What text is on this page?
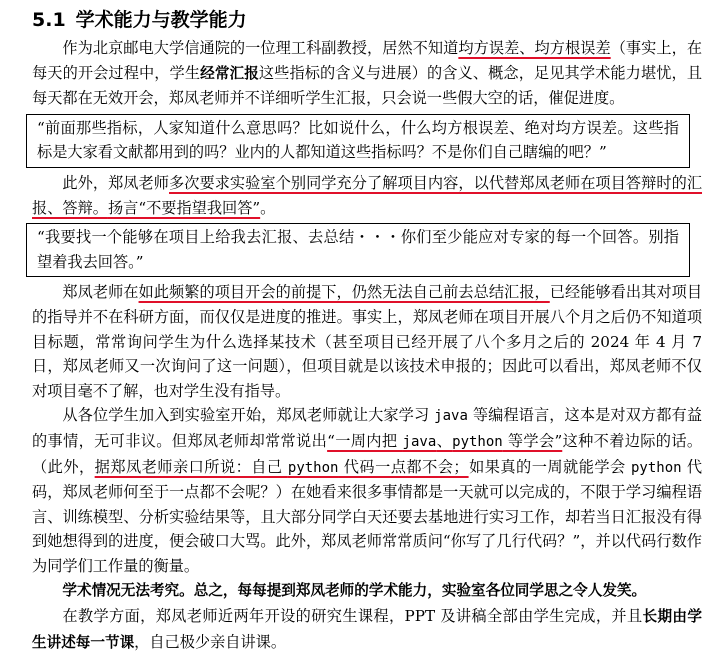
5.1 学术能力与教学能力

作为北京邮电大学信通院的一位理工科副教授，居然不知道均方误差、均方根误差（事实上，在每天的开会过程中，学生经常汇报这些指标的含义与进展）的含义、概念，足见其学术能力堪忧，且每天都在无效开会，郑凤老师并不详细听学生汇报，只会说一些假大空的话，催促进度。

“前面那些指标，人家知道什么意思吗？比如说什么，什么均方根误差、绝对均方误差。这些指标是大家看文献都用到的吗？业内的人都知道这些指标吗？不是你们自己瞎编的吧？”

此外，郑凤老师多次要求实验室个别同学充分了解项目内容，以代替郑凤老师在项目答辩时的汇报、答辩。扬言“不要指望我回答”。

“我要找一个能够在项目上给我去汇报、去总结・・・你们至少能应对专家的每一个回答。别指望着我去回答。”

郑凤老师在如此频繁的项目开会的前提下，仍然无法自己前去总结汇报，已经能够看出其对项目的指导并不在科研方面，而仅仅是进度的推进。事实上，郑凤老师在项目开展八个月之后仍不知道项目标题，常常询问学生为什么选择某技术（甚至项目已经开展了八个多月之后的 2024 年 4 月 7 日，郑凤老师又一次询问了这一问题），但项目就是以该技术申报的；因此可以看出，郑凤老师不仅对项目毫不了解，也对学生没有指导。

从各位学生加入到实验室开始，郑凤老师就让大家学习 java 等编程语言，这本是对双方都有益的事情，无可非议。但郑凤老师却常常说出“一周内把 java、python 等学会”这种不着边际的话。（此外，据郑凤老师亲口所说：自己 python 代码一点都不会；如果真的一周就能学会 python 代码，郑凤老师何至于一点都不会呢？）在她看来很多事情都是一天就可以完成的，不限于学习编程语言、训练模型、分析实验结果等，且大部分同学白天还要去基地进行实习工作，却若当日汇报没有得到她想得到的进度，便会破口大骂。此外，郑凤老师常常质问“你写了几行代码？”，并以代码行数作为同学们工作量的衡量。

学术情况无法考究。总之，每每提到郑凤老师的学术能力，实验室各位同学思之令人发笑。

在教学方面，郑凤老师近两年开设的研究生课程，PPT 及讲稿全部由学生完成，并且长期由学生讲述每一节课，自己极少亲自讲课。
